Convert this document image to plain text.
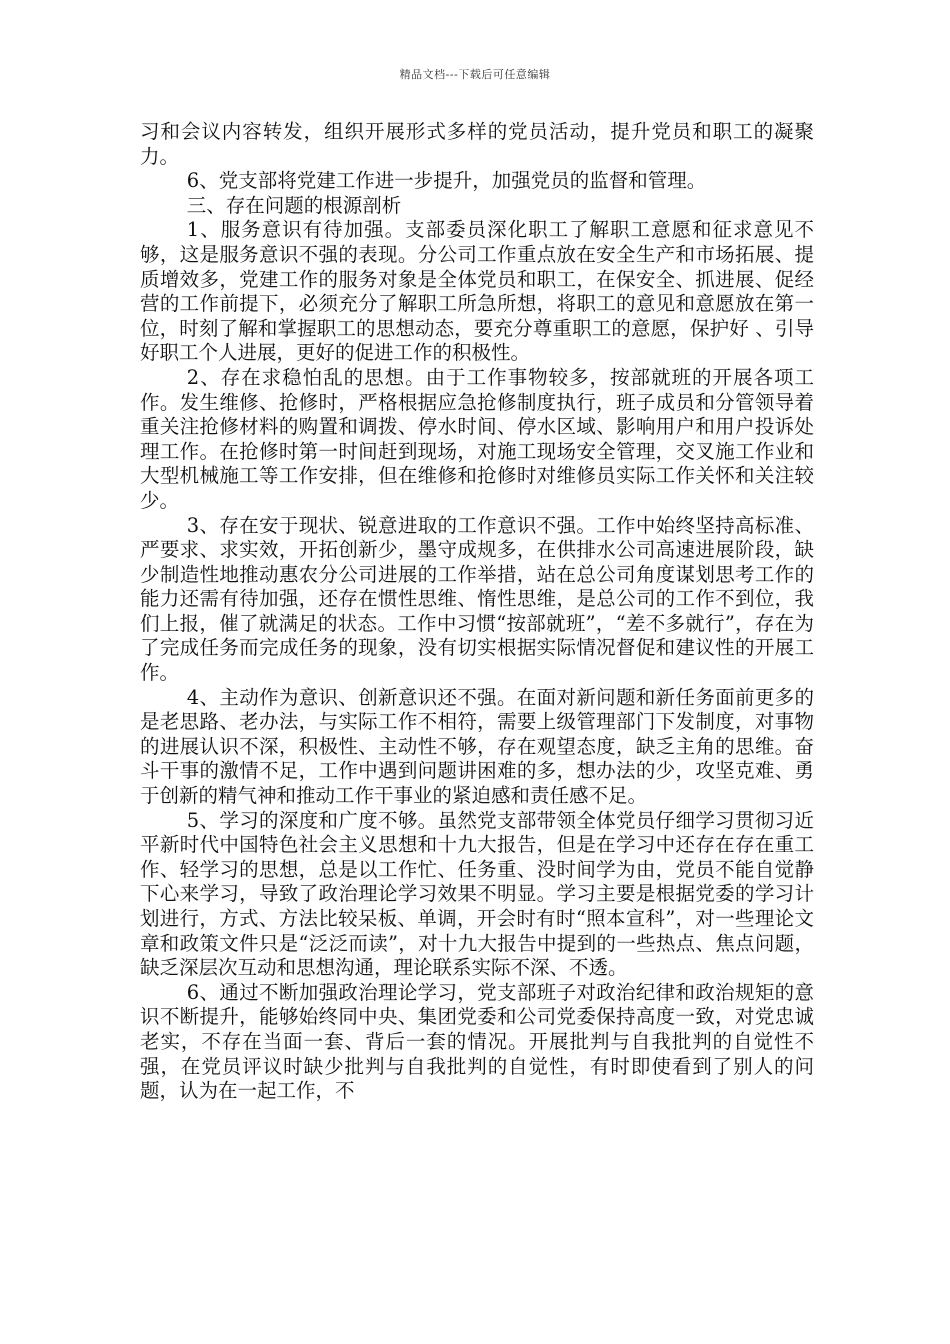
精品文档---下载后可任意编辑

习和会议内容转发，组织开展形式多样的党员活动，提升党员和职工的凝聚力。

6、党支部将党建工作进一步提升，加强党员的监督和管理。

三、存在问题的根源剖析

1、服务意识有待加强。支部委员深化职工了解职工意愿和征求意见不够，这是服务意识不强的表现。分公司工作重点放在安全生产和市场拓展、提质增效多，党建工作的服务对象是全体党员和职工，在保安全、抓进展、促经营的工作前提下，必须充分了解职工所急所想，将职工的意见和意愿放在第一位，时刻了解和掌握职工的思想动态，要充分尊重职工的意愿，保护好 、引导好职工个人进展，更好的促进工作的积极性。

2、存在求稳怕乱的思想。由于工作事物较多，按部就班的开展各项工作。发生维修、抢修时，严格根据应急抢修制度执行，班子成员和分管领导着重关注抢修材料的购置和调拨、停水时间、停水区域、影响用户和用户投诉处理工作。在抢修时第一时间赶到现场，对施工现场安全管理，交叉施工作业和大型机械施工等工作安排，但在维修和抢修时对维修员实际工作关怀和关注较少。

3、存在安于现状、锐意进取的工作意识不强。工作中始终坚持高标准、严要求、求实效，开拓创新少，墨守成规多，在供排水公司高速进展阶段，缺少制造性地推动惠农分公司进展的工作举措，站在总公司角度谋划思考工作的能力还需有待加强，还存在惯性思维、惰性思维，是总公司的工作不到位，我们上报，催了就满足的状态。工作中习惯“按部就班”，“差不多就行”，存在为了完成任务而完成任务的现象，没有切实根据实际情况督促和建议性的开展工作。

4、主动作为意识、创新意识还不强。在面对新问题和新任务面前更多的是老思路、老办法，与实际工作不相符，需要上级管理部门下发制度，对事物的进展认识不深，积极性、主动性不够，存在观望态度，缺乏主角的思维。奋斗干事的激情不足，工作中遇到问题讲困难的多，想办法的少，攻坚克难、勇于创新的精气神和推动工作干事业的紧迫感和责任感不足。

5、学习的深度和广度不够。虽然党支部带领全体党员仔细学习贯彻习近平新时代中国特色社会主义思想和十九大报告，但是在学习中还存在存在重工作、轻学习的思想，总是以工作忙、任务重、没时间学为由，党员不能自觉静下心来学习，导致了政治理论学习效果不明显。学习主要是根据党委的学习计划进行，方式、方法比较呆板、单调，开会时有时“照本宣科”，对一些理论文章和政策文件只是“泛泛而读”，对十九大报告中提到的一些热点、焦点问题，缺乏深层次互动和思想沟通，理论联系实际不深、不透。

6、通过不断加强政治理论学习，党支部班子对政治纪律和政治规矩的意识不断提升，能够始终同中央、集团党委和公司党委保持高度一致，对党忠诚老实，不存在当面一套、背后一套的情况。开展批判与自我批判的自觉性不强，在党员评议时缺少批判与自我批判的自觉性，有时即使看到了别人的问题，认为在一起工作，不
